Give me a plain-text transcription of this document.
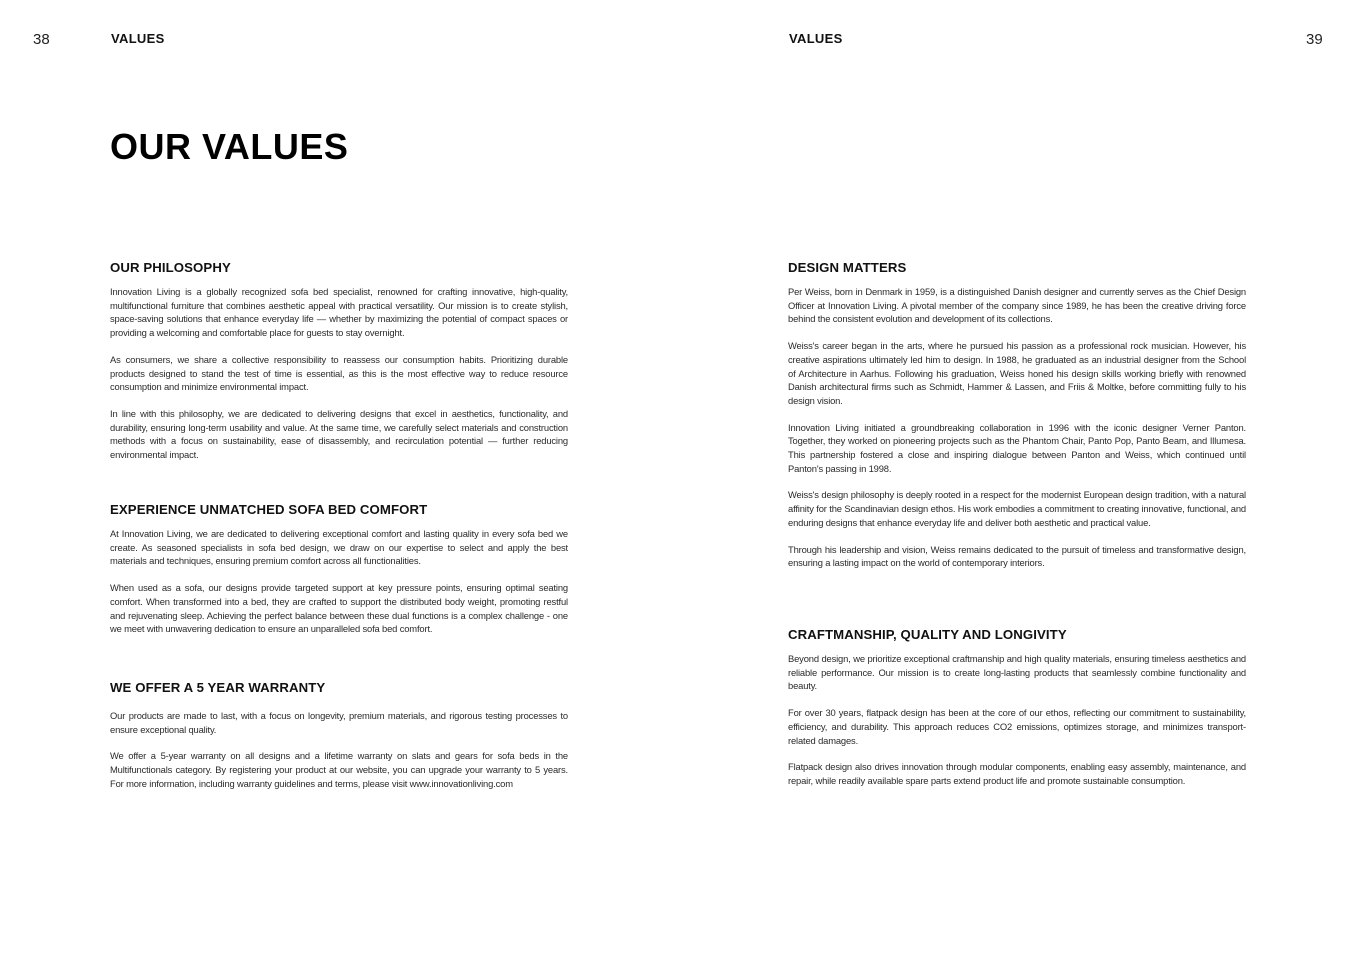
38	VALUES
OUR VALUES
OUR PHILOSOPHY

Innovation Living is a globally recognized sofa bed specialist, renowned for crafting innovative, high-quality, multifunctional furniture that combines aesthetic appeal with practical versatility. Our mission is to create stylish, space-saving solutions that enhance everyday life — whether by maximizing the potential of compact spaces or providing a welcoming and comfortable place for guests to stay overnight.

As consumers, we share a collective responsibility to reassess our consumption habits. Prioritizing durable products designed to stand the test of time is essential, as this is the most effective way to reduce resource consumption and minimize environmental impact.

In line with this philosophy, we are dedicated to delivering designs that excel in aesthetics, functionality, and durability, ensuring long-term usability and value. At the same time, we carefully select materials and construction methods with a focus on sustainability, ease of disassembly, and recirculation potential — further reducing environmental impact.

EXPERIENCE UNMATCHED SOFA BED COMFORT

At Innovation Living, we are dedicated to delivering exceptional comfort and lasting quality in every sofa bed we create. As seasoned specialists in sofa bed design, we draw on our expertise to select and apply the best materials and techniques, ensuring premium comfort across all functionalities.

When used as a sofa, our designs provide targeted support at key pressure points, ensuring optimal seating comfort. When transformed into a bed, they are crafted to support the distributed body weight, promoting restful and rejuvenating sleep. Achieving the perfect balance between these dual functions is a complex challenge - one we meet with unwavering dedication to ensure an unparalleled sofa bed comfort.

WE OFFER A 5 YEAR WARRANTY

Our products are made to last, with a focus on longevity, premium materials, and rigorous testing processes to ensure exceptional quality.

We offer a 5-year warranty on all designs and a lifetime warranty on slats and gears for sofa beds in the Multifunctionals category. By registering your product at our website, you can upgrade your warranty to 5 years. For more information, including warranty guidelines and terms, please visit www.innovationliving.com

VALUES	39
DESIGN MATTERS

Per Weiss, born in Denmark in 1959, is a distinguished Danish designer and currently serves as the Chief Design Officer at Innovation Living. A pivotal member of the company since 1989, he has been the creative driving force behind the consistent evolution and development of its collections.

Weiss's career began in the arts, where he pursued his passion as a professional rock musician. However, his creative aspirations ultimately led him to design. In 1988, he graduated as an industrial designer from the School of Architecture in Aarhus. Following his graduation, Weiss honed his design skills working briefly with renowned Danish architectural firms such as Schmidt, Hammer & Lassen, and Friis & Moltke, before committing fully to his design vision.

Innovation Living initiated a groundbreaking collaboration in 1996 with the iconic designer Verner Panton. Together, they worked on pioneering projects such as the Phantom Chair, Panto Pop, Panto Beam, and Illumesa. This partnership fostered a close and inspiring dialogue between Panton and Weiss, which continued until Panton's passing in 1998.

Weiss's design philosophy is deeply rooted in a respect for the modernist European design tradition, with a natural affinity for the Scandinavian design ethos. His work embodies a commitment to creating innovative, functional, and enduring designs that enhance everyday life and deliver both aesthetic and practical value.

Through his leadership and vision, Weiss remains dedicated to the pursuit of timeless and transformative design, ensuring a lasting impact on the world of contemporary interiors.

CRAFTMANSHIP, QUALITY AND LONGIVITY

Beyond design, we prioritize exceptional craftmanship and high quality materials, ensuring timeless aesthetics and reliable performance. Our mission is to create long-lasting products that seamlessly combine functionality and beauty.

For over 30 years, flatpack design has been at the core of our ethos, reflecting our commitment to sustainability, efficiency, and durability. This approach reduces CO2 emissions, optimizes storage, and minimizes transport-related damages.

Flatpack design also drives innovation through modular components, enabling easy assembly, maintenance, and repair, while readily available spare parts extend product life and promote sustainable consumption.
